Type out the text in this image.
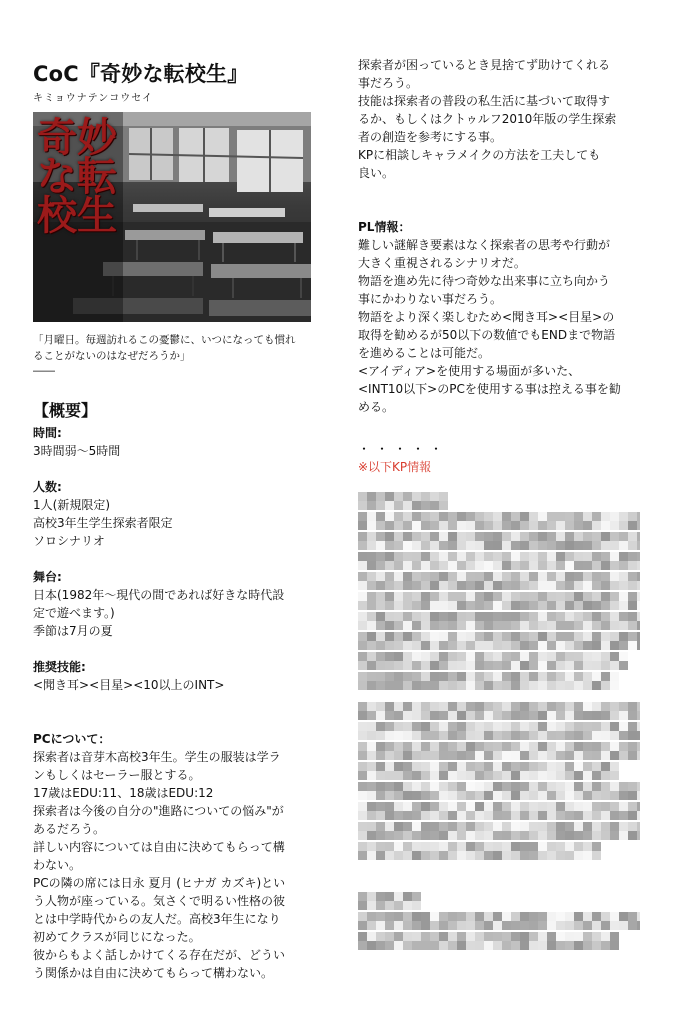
CoC『奇妙な転校生』
キミョウナテンコウセイ
奇妙な転校生
「月曜日。毎週訪れるこの憂鬱に、いつになっても慣れ
ることがないのはなぜだろうか」
――
【概要】
時間:
3時間弱〜5時間
人数:
1人(新規限定)
高校3年生学生探索者限定
ソロシナリオ
舞台:
日本(1982年〜現代の間であれば好きな時代設
定で遊べます。)
季節は7月の夏
推奨技能:
<聞き耳><目星><10以上のINT>
PCについて：
探索者は音芽木高校3年生。学生の服装は学ラ
ンもしくはセーラー服とする。
17歳はEDU:11、18歳はEDU:12
探索者は今後の自分の"進路についての悩み"が
あるだろう。
詳しい内容については自由に決めてもらって構
わない。
PCの隣の席には日永 夏月 (ヒナガ カズキ)とい
う人物が座っている。気さくで明るい性格の彼
とは中学時代からの友人だ。高校3年生になり
初めてクラスが同じになった。
彼からもよく話しかけてくる存在だが、どうい
う関係かは自由に決めてもらって構わない。
探索者が困っているとき見捨てず助けてくれる
事だろう。
技能は探索者の普段の私生活に基づいて取得す
るか、もしくはクトゥルフ2010年版の学生探索
者の創造を参考にする事。
KPに相談しキャラメイクの方法を工夫しても
良い。
PL情報：
難しい謎解き要素はなく探索者の思考や行動が
大きく重視されるシナリオだ。
物語を進め先に待つ奇妙な出来事に立ち向かう
事にかわりない事だろう。
物語をより深く楽しむため<聞き耳><目星>の
取得を勧めるが50以下の数値でもENDまで物語
を進めることは可能だ。
<アイディア>を使用する場面が多いた、
<INT10以下>のPCを使用する事は控える事を勧
める。
・・・・・
※以下KP情報
